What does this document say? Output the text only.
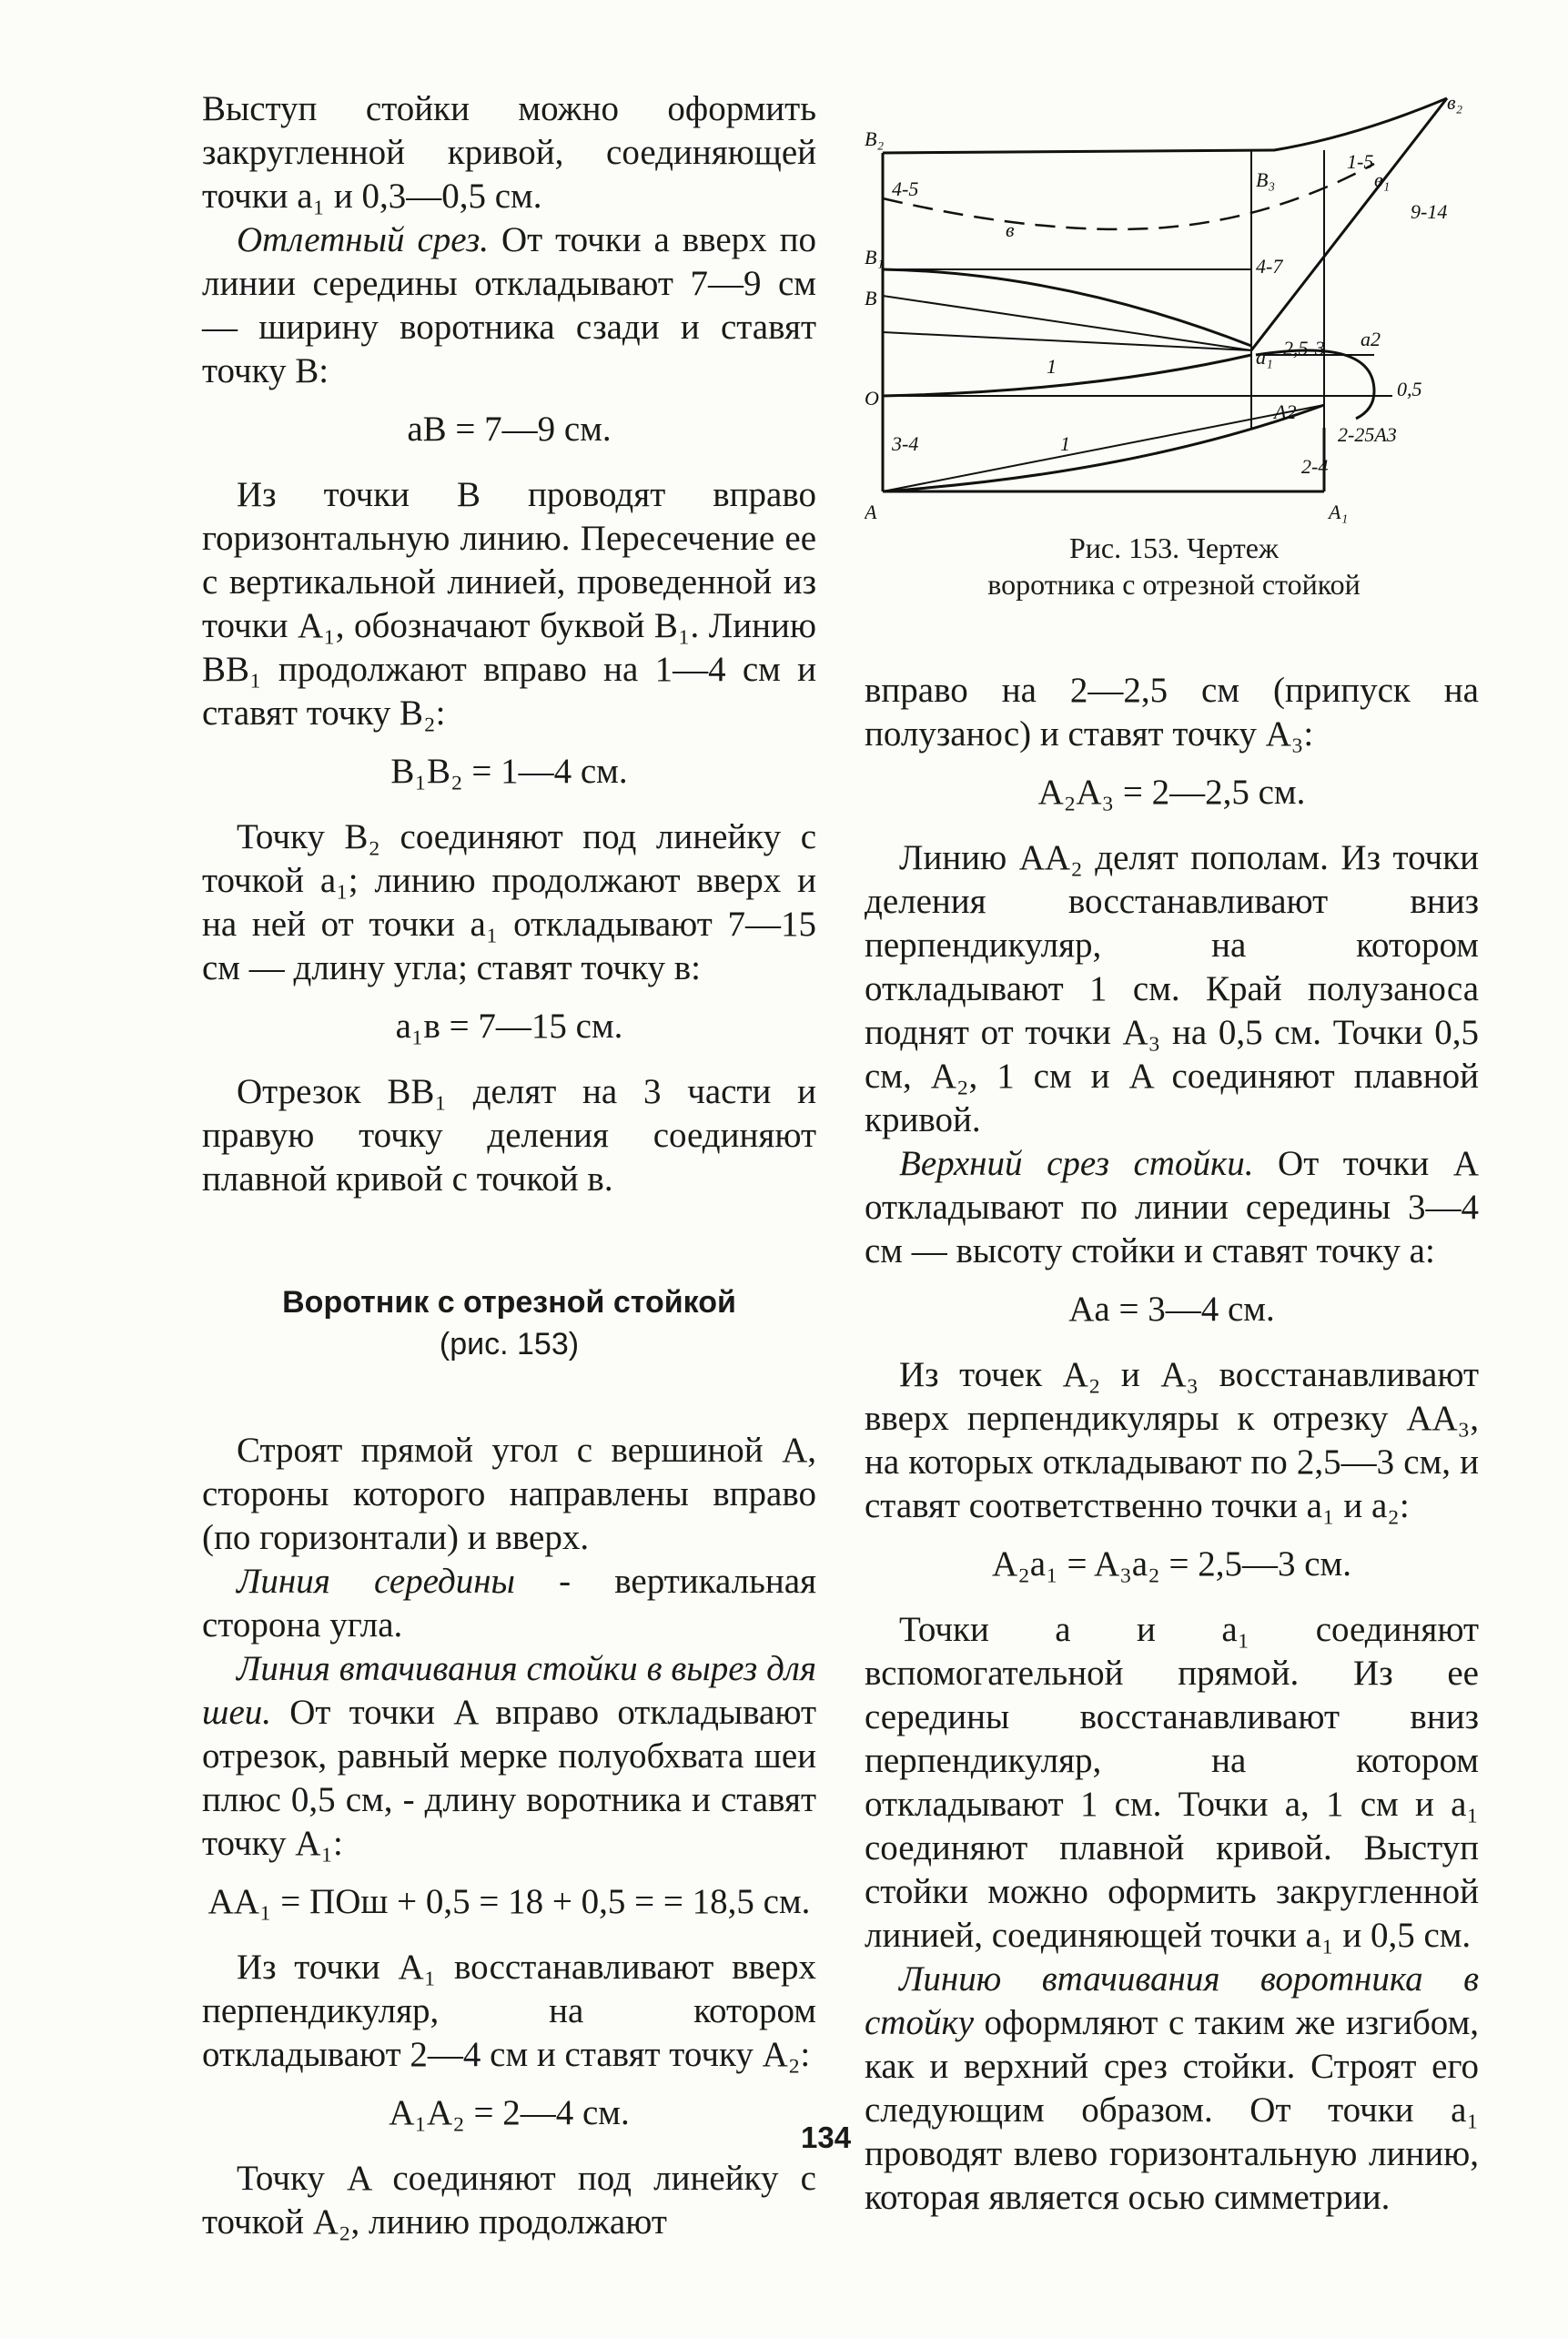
Выступ стойки можно оформить закругленной кривой, соединяющей точки a₁ и 0,3—0,5 см.

Отлетный срез. От точки a вверх по линии середины откладывают 7—9 см — ширину воротника сзади и ставят точку В:

aВ = 7—9 см.

Из точки В проводят вправо горизонтальную линию. Пересечение ее с вертикальной линией, проведенной из точки A₁, обозначают буквой В₁. Линию ВВ₁ продолжают вправо на 1—4 см и ставят точку В₂:

В₁В₂ = 1—4 см.

Точку В₂ соединяют под линейку с точкой a₁; линию продолжают вверх и на ней от точки a₁ откладывают 7—15 см — длину угла; ставят точку в:

a₁в = 7—15 см.

Отрезок ВВ₁ делят на 3 части и правую точку деления соединяют плавной кривой с точкой в.

Воротник с отрезной стойкой
(рис. 153)

Строят прямой угол с вершиной A, стороны которого направлены вправо (по горизонтали) и вверх.

Линия середины - вертикальная сторона угла.

Линия втачивания стойки в вырез для шеи. От точки A вправо откладывают отрезок, равный мерке полуобхвата шеи плюс 0,5 см, - длину воротника и ставят точку A₁:

AA₁ = ПОш + 0,5 = 18 + 0,5 = = 18,5 см.

Из точки A₁ восстанавливают вверх перпендикуляр, на котором откладывают 2—4 см и ставят точку A₂:

A₁A₂ = 2—4 см.

Точку A соединяют под линейку с точкой A₂, линию продолжают

В₂
В₁
В
О
A	A₁
A2
2-25A3
a₁
a2
в₂
В₃	в₁
в
4-5
3-4
2-4
2,5-3
1-5
9-14
4-7
0,5
1
1
Рис. 153. Чертеж
воротника с отрезной стойкой

вправо на 2—2,5 см (припуск на полузанос) и ставят точку A₃:

A₂A₃ = 2—2,5 см.

Линию AA₂ делят пополам. Из точки деления восстанавливают вниз перпендикуляр, на котором откладывают 1 см. Край полузаноса поднят от точки A₃ на 0,5 см. Точки 0,5 см, A₂, 1 см и A соединяют плавной кривой.

Верхний срез стойки. От точки A откладывают по линии середины 3—4 см — высоту стойки и ставят точку a:

Aa = 3—4 см.

Из точек A₂ и A₃ восстанавливают вверх перпендикуляры к отрезку AA₃, на которых откладывают по 2,5—3 см, и ставят соответственно точки a₁ и a₂:

A₂a₁ = A₃a₂ = 2,5—3 см.

Точки a и a₁ соединяют вспомогательной прямой. Из ее середины восстанавливают вниз перпендикуляр, на котором откладывают 1 см. Точки a, 1 см и a₁ соединяют плавной кривой. Выступ стойки можно оформить закругленной линией, соединяющей точки a₁ и 0,5 см.

Линию втачивания воротника в стойку оформляют с таким же изгибом, как и верхний срез стойки. Строят его следующим образом. От точки a₁ проводят влево горизонтальную линию, которая является осью симметрии.

134
